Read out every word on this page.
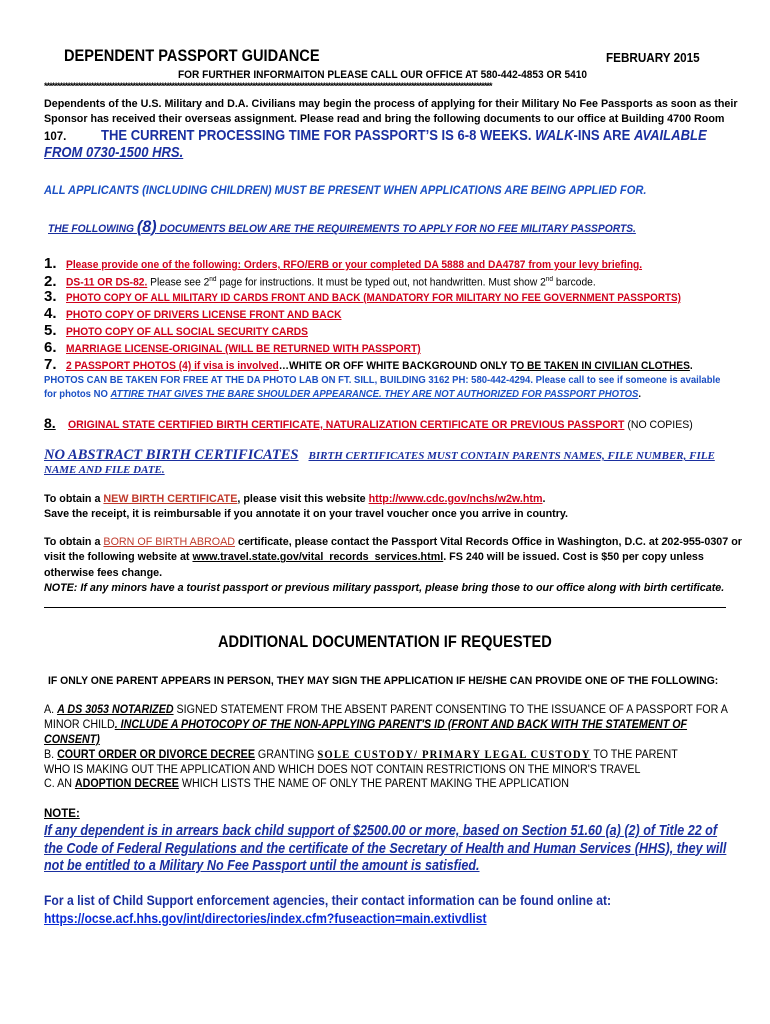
DEPENDENT PASSPORT GUIDANCE	FEBRUARY 2015
FOR FURTHER INFORMAITON PLEASE CALL OUR OFFICE AT 580-442-4853 OR 5410
****************************************************************************************************************************************************************************
Dependents of the U.S. Military and D.A. Civilians may begin the process of applying for their Military No Fee Passports as soon as their
Sponsor has received their overseas assignment. Please read and bring the following documents to our office at Building 4700 Room
107. THE CURRENT PROCESSING TIME FOR PASSPORT’S IS 6-8 WEEKS. WALK-INS ARE AVAILABLE
FROM 0730-1500 HRS.
ALL APPLICANTS (INCLUDING CHILDREN) MUST BE PRESENT WHEN APPLICATIONS ARE BEING APPLIED FOR.
THE FOLLOWING (8) DOCUMENTS BELOW ARE THE REQUIREMENTS TO APPLY FOR NO FEE MILITARY PASSPORTS.
1. Please provide one of the following: Orders, RFO/ERB or your completed DA 5888 and DA4787 from your levy briefing.
2. DS-11 OR DS-82. Please see 2nd page for instructions. It must be typed out, not handwritten. Must show 2nd barcode.
3. PHOTO COPY OF ALL MILITARY ID CARDS FRONT AND BACK (MANDATORY FOR MILITARY NO FEE GOVERNMENT PASSPORTS)
4. PHOTO COPY OF DRIVERS LICENSE FRONT AND BACK
5. PHOTO COPY OF ALL SOCIAL SECURITY CARDS
6. MARRIAGE LICENSE-ORIGINAL (WILL BE RETURNED WITH PASSPORT)
7. 2 PASSPORT PHOTOS (4) if visa is involved…WHITE OR OFF WHITE BACKGROUND ONLY TO BE TAKEN IN CIVILIAN CLOTHES.
PHOTOS CAN BE TAKEN FOR FREE AT THE DA PHOTO LAB ON FT. SILL, BUILDING 3162 PH: 580-442-4294. Please call to see if someone is available
for photos NO ATTIRE THAT GIVES THE BARE SHOULDER APPEARANCE. THEY ARE NOT AUTHORIZED FOR PASSPORT PHOTOS.
8. ORIGINAL STATE CERTIFIED BIRTH CERTIFICATE, NATURALIZATION CERTIFICATE OR PREVIOUS PASSPORT (NO COPIES)
NO ABSTRACT BIRTH CERTIFICATES BIRTH CERTIFICATES MUST CONTAIN PARENTS NAMES, FILE NUMBER, FILE
NAME AND FILE DATE.
To obtain a NEW BIRTH CERTIFICATE, please visit this website http://www.cdc.gov/nchs/w2w.htm.
Save the receipt, it is reimbursable if you annotate it on your travel voucher once you arrive in country.
To obtain a BORN OF BIRTH ABROAD certificate, please contact the Passport Vital Records Office in Washington, D.C. at 202-955-0307 or
visit the following website at www.travel.state.gov/vital_records_services.html. FS 240 will be issued. Cost is $50 per copy unless
otherwise fees change.
NOTE: If any minors have a tourist passport or previous military passport, please bring those to our office along with birth certificate.
ADDITIONAL DOCUMENTATION IF REQUESTED
IF ONLY ONE PARENT APPEARS IN PERSON, THEY MAY SIGN THE APPLICATION IF HE/SHE CAN PROVIDE ONE OF THE FOLLOWING:
A. A DS 3053 NOTARIZED SIGNED STATEMENT FROM THE ABSENT PARENT CONSENTING TO THE ISSUANCE OF A PASSPORT FOR A
MINOR CHILD. INCLUDE A PHOTOCOPY OF THE NON-APPLYING PARENT'S ID (FRONT AND BACK WITH THE STATEMENT OF
CONSENT)
B. COURT ORDER OR DIVORCE DECREE GRANTING SOLE CUSTODY/ PRIMARY LEGAL CUSTODY TO THE PARENT
WHO IS MAKING OUT THE APPLICATION AND WHICH DOES NOT CONTAIN RESTRICTIONS ON THE MINOR'S TRAVEL
C. AN ADOPTION DECREE WHICH LISTS THE NAME OF ONLY THE PARENT MAKING THE APPLICATION
NOTE:
If any dependent is in arrears back child support of $2500.00 or more, based on Section 51.60 (a) (2) of Title 22 of
the Code of Federal Regulations and the certificate of the Secretary of Health and Human Services (HHS), they will
not be entitled to a Military No Fee Passport until the amount is satisfied.
For a list of Child Support enforcement agencies, their contact information can be found online at:
https://ocse.acf.hhs.gov/int/directories/index.cfm?fuseaction=main.extivdlist
